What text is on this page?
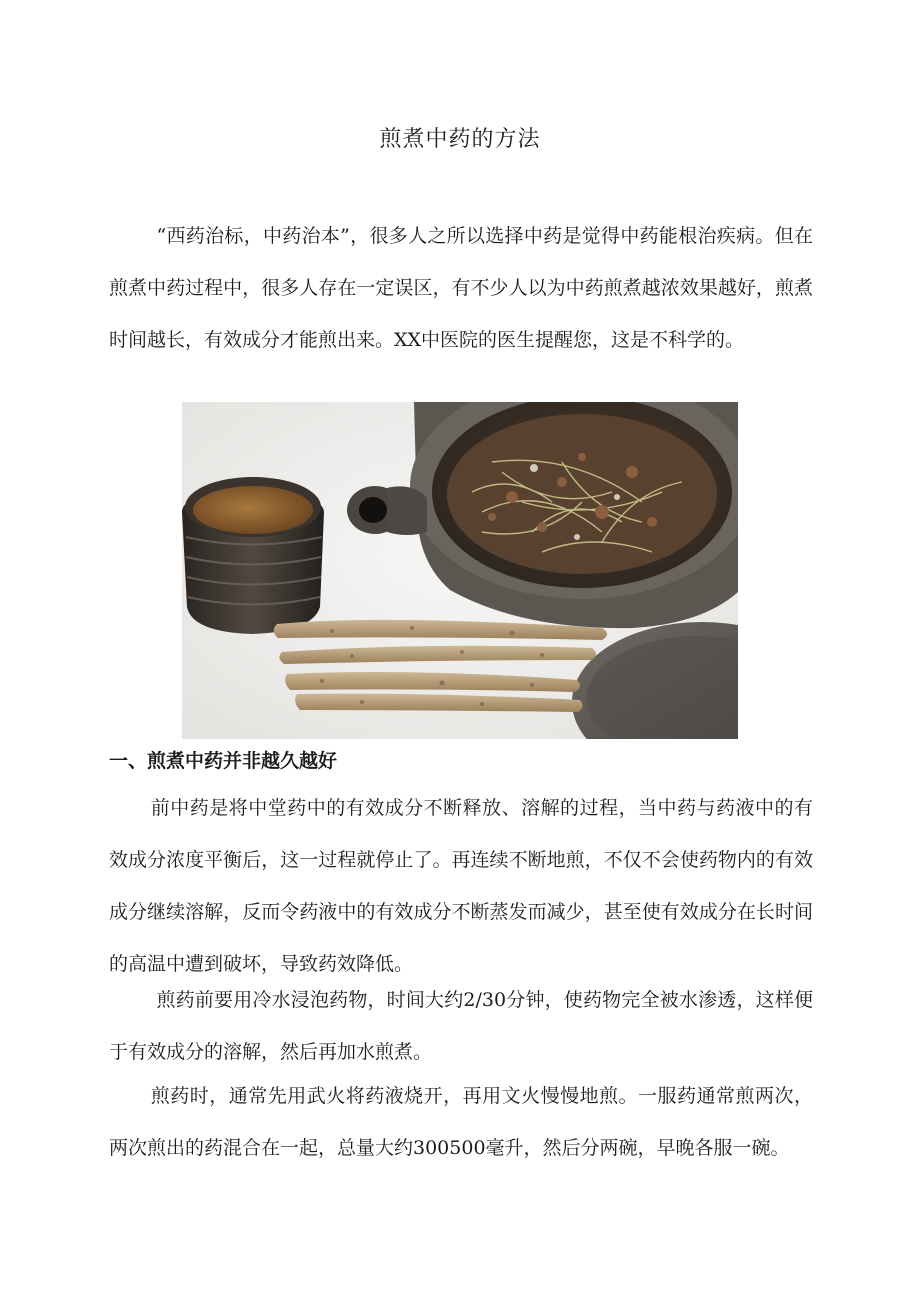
煎煮中药的方法

“西药治标，中药治本”，很多人之所以选择中药是觉得中药能根治疾病。但在煎煮中药过程中，很多人存在一定误区，有不少人以为中药煎煮越浓效果越好，煎煮时间越长，有效成分才能煎出来。XX中医院的医生提醒您，这是不科学的。

一、煎煮中药并非越久越好

前中药是将中堂药中的有效成分不断释放、溶解的过程，当中药与药液中的有效成分浓度平衡后，这一过程就停止了。再连续不断地煎，不仅不会使药物内的有效成分继续溶解，反而令药液中的有效成分不断蒸发而减少，甚至使有效成分在长时间的高温中遭到破坏，导致药效降低。

煎药前要用冷水浸泡药物，时间大约2/30分钟，使药物完全被水渗透，这样便于有效成分的溶解，然后再加水煎煮。

煎药时，通常先用武火将药液烧开，再用文火慢慢地煎。一服药通常煎两次，两次煎出的药混合在一起，总量大约300500毫升，然后分两碗，早晚各服一碗。
